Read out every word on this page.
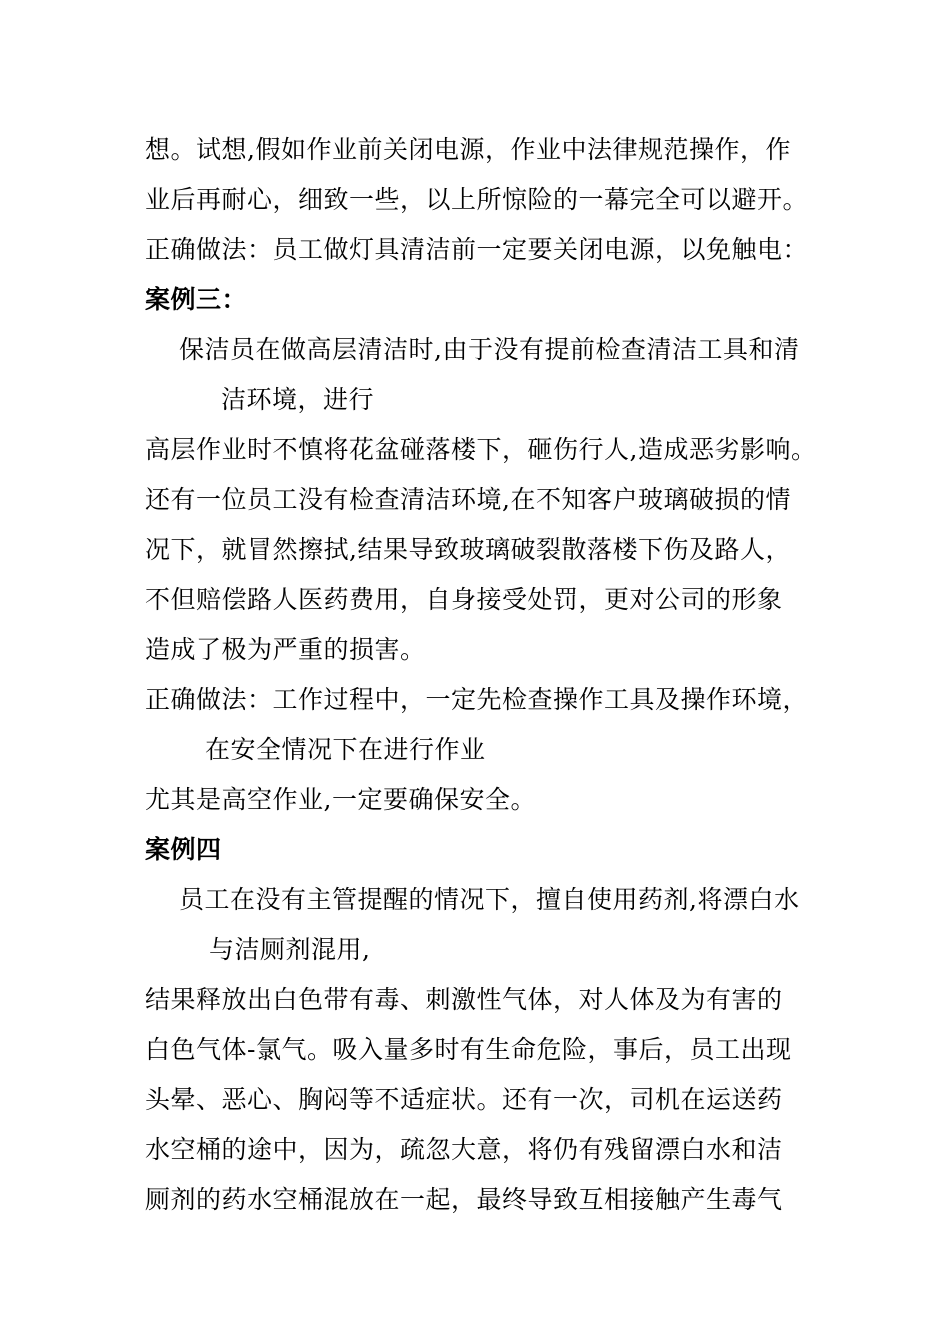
想。试想,假如作业前关闭电源，作业中法律规范操作，作
业后再耐心，细致一些，以上所惊险的一幕完全可以避开。
正确做法：员工做灯具清洁前一定要关闭电源，以免触电：
案例三：
保洁员在做高层清洁时,由于没有提前检查清洁工具和清
洁环境，进行
高层作业时不慎将花盆碰落楼下，砸伤行人,造成恶劣影响。
还有一位员工没有检查清洁环境,在不知客户玻璃破损的情
况下，就冒然擦拭,结果导致玻璃破裂散落楼下伤及路人，
不但赔偿路人医药费用，自身接受处罚，更对公司的形象
造成了极为严重的损害。
正确做法：工作过程中，一定先检查操作工具及操作环境，
在安全情况下在进行作业
尤其是高空作业,一定要确保安全。
案例四
员工在没有主管提醒的情况下，擅自使用药剂,将漂白水
与洁厕剂混用,
结果释放出白色带有毒、刺激性气体，对人体及为有害的
白色气体-氯气。吸入量多时有生命危险，事后，员工出现
头晕、恶心、胸闷等不适症状。还有一次，司机在运送药
水空桶的途中，因为，疏忽大意，将仍有残留漂白水和洁
厕剂的药水空桶混放在一起，最终导致互相接触产生毒气
